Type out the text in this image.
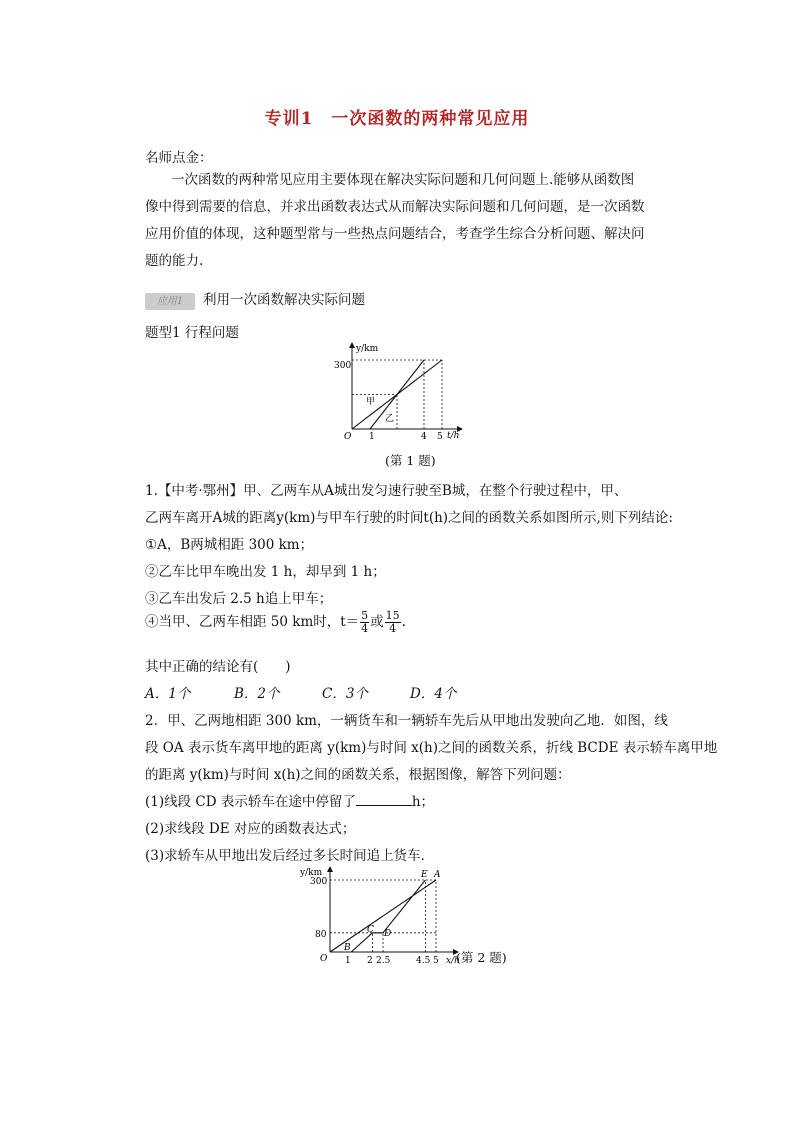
专训1　一次函数的两种常见应用
名师点金：
一次函数的两种常见应用主要体现在解决实际问题和几何问题上.能够从函数图像中得到需要的信息，并求出函数表达式从而解决实际问题和几何问题，是一次函数应用价值的体现，这种题型常与一些热点问题结合，考查学生综合分析问题、解决问题的能力.
应用1 利用一次函数解决实际问题
题型1 行程问题
y/km
t/h
O
300
1	4 5
甲
乙
(第 1 题)
1.【中考·鄂州】甲、乙两车从A城出发匀速行驶至B城，在整个行驶过程中，甲、
乙两车离开A城的距离y(km)与甲车行驶的时间t(h)之间的函数关系如图所示,则下列结论:
①A，B两城相距 300 km；
②乙车比甲车晚出发 1 h，却早到 1 h；
③乙车出发后 2.5 h追上甲车；
④当甲、乙两车相距 50 km时，$t= \frac{5}{4}$ 或 $\frac{15}{4}$ .
其中正确的结论有(　　)
A．1个	B．2个	C．3个	D．4个
2．甲、乙两地相距 300 km，一辆货车和一辆轿车先后从甲地出发驶向乙地．如图，线
段 OA 表示货车离甲地的距离 y(km)与时间 x(h)之间的函数关系，折线 BCDE 表示轿车离甲地
的距离 y(km)与时间 x(h)之间的函数关系，根据图像，解答下列问题：
(1)线段 CD 表示轿车在途中停留了	h；
(2)求线段 DE 对应的函数表达式；
(3)求轿车从甲地出发后经过多长时间追上货车．
y/km
x/h
O
300
80
1 2 2.5	4.5 5
B
C D
E A
(第 2 题)
